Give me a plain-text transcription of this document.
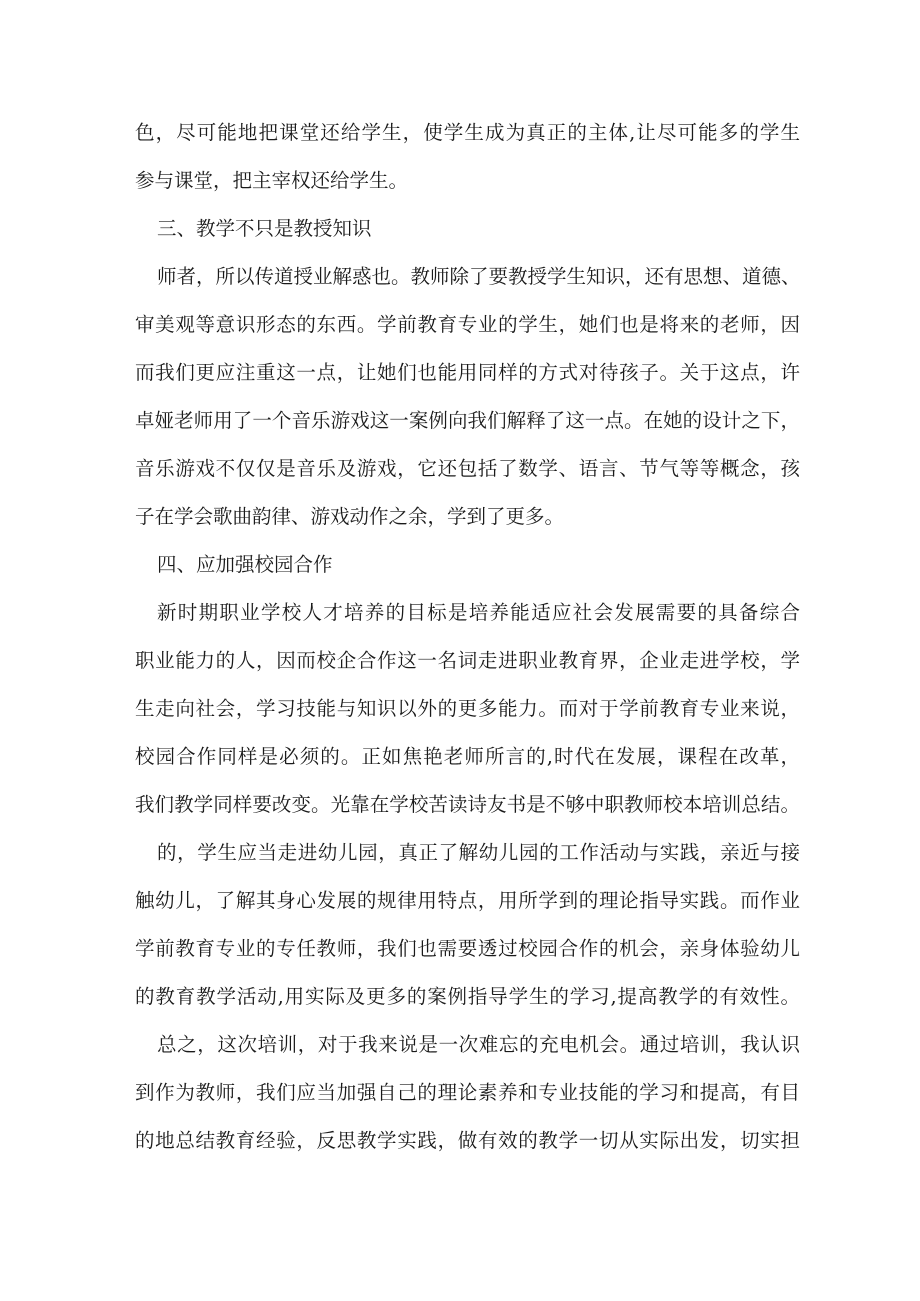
色，尽可能地把课堂还给学生，使学生成为真正的主体,让尽可能多的学生
参与课堂，把主宰权还给学生。
三、教学不只是教授知识
师者，所以传道授业解惑也。教师除了要教授学生知识，还有思想、道德、
审美观等意识形态的东西。学前教育专业的学生，她们也是将来的老师，因
而我们更应注重这一点，让她们也能用同样的方式对待孩子。关于这点，许
卓娅老师用了一个音乐游戏这一案例向我们解释了这一点。在她的设计之下，
音乐游戏不仅仅是音乐及游戏，它还包括了数学、语言、节气等等概念，孩
子在学会歌曲韵律、游戏动作之余，学到了更多。
四、应加强校园合作
新时期职业学校人才培养的目标是培养能适应社会发展需要的具备综合
职业能力的人，因而校企合作这一名词走进职业教育界，企业走进学校，学
生走向社会，学习技能与知识以外的更多能力。而对于学前教育专业来说，
校园合作同样是必须的。正如焦艳老师所言的,时代在发展，课程在改革，
我们教学同样要改变。光靠在学校苦读诗友书是不够中职教师校本培训总结。
的，学生应当走进幼儿园，真正了解幼儿园的工作活动与实践，亲近与接
触幼儿，了解其身心发展的规律用特点，用所学到的理论指导实践。而作业
学前教育专业的专任教师，我们也需要透过校园合作的机会，亲身体验幼儿
的教育教学活动,用实际及更多的案例指导学生的学习,提高教学的有效性。
总之，这次培训，对于我来说是一次难忘的充电机会。通过培训，我认识
到作为教师，我们应当加强自己的理论素养和专业技能的学习和提高，有目
的地总结教育经验，反思教学实践，做有效的教学一切从实际出发，切实担
